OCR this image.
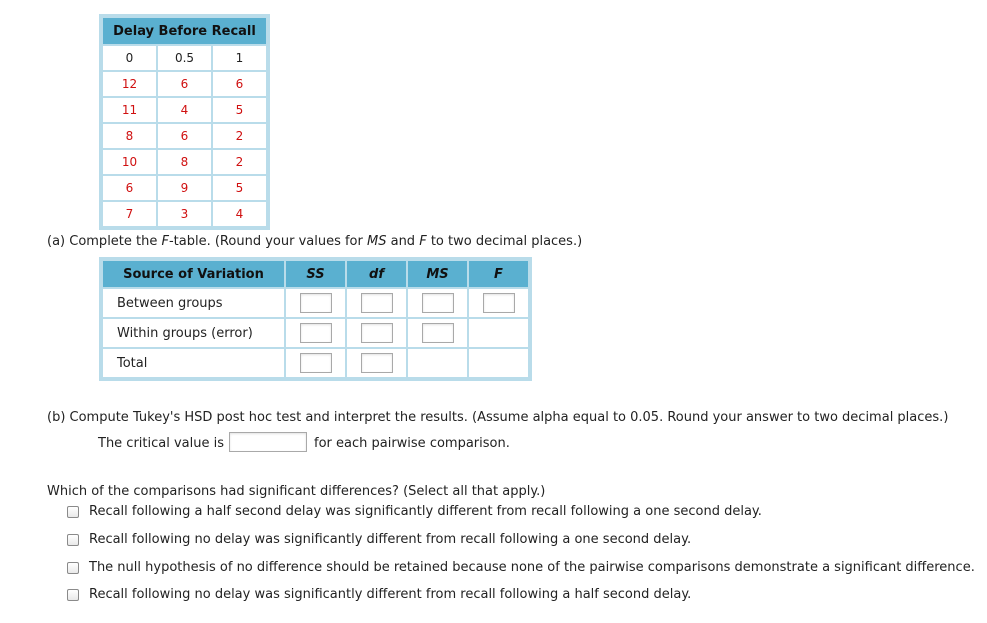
Delay Before Recall		
0	0.5	1
12	6	6
11	4	5
8	6	2
10	8	2
6	9	5
7	3	4
(a) Complete the F-table. (Round your values for MS and F to two decimal places.)
Source of Variation	SS	df	MS	F
Between groups				
Within groups (error)				
Total				
(b) Compute Tukey's HSD post hoc test and interpret the results. (Assume alpha equal to 0.05. Round your answer to two decimal places.)
The critical value is	for each pairwise comparison.
Which of the comparisons had significant differences? (Select all that apply.)
Recall following a half second delay was significantly different from recall following a one second delay.
Recall following no delay was significantly different from recall following a one second delay.
The null hypothesis of no difference should be retained because none of the pairwise comparisons demonstrate a significant difference.
Recall following no delay was significantly different from recall following a half second delay.
